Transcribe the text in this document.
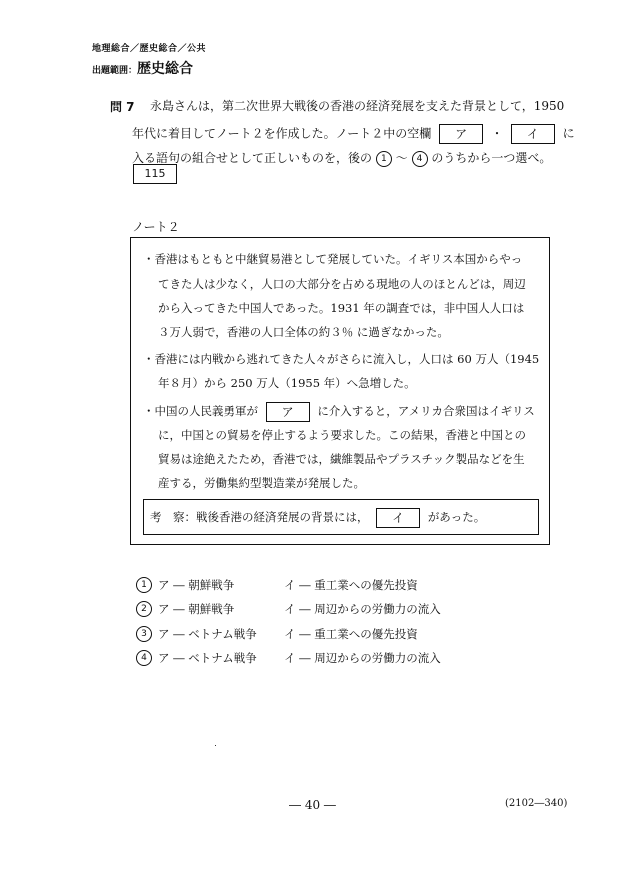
地理総合／歴史総合／公共
出題範囲： 歴史総合
問 7 永島さんは，第二次世界大戦後の香港の経済発展を支えた背景として，1950
年代に着目してノート２を作成した。ノート２中の空欄 ア ・ イ に
入る語句の組合せとして正しいものを，後の 1 ～ 4 のうちから一つ選べ。
115
ノート２
・香港はもともと中継貿易港として発展していた。イギリス本国からやっ
てきた人は少なく，人口の大部分を占める現地の人のほとんどは，周辺
から入ってきた中国人であった。1931 年の調査では，非中国人人口は
３万人弱で，香港の人口全体の約３％ に過ぎなかった。
・香港には内戦から逃れてきた人々がさらに流入し，人口は 60 万人（1945
年８月）から 250 万人（1955 年）へ急増した。
・中国の人民義勇軍が ア に介入すると，アメリカ合衆国はイギリス
に，中国との貿易を停止するよう要求した。この結果，香港と中国との
貿易は途絶えたため，香港では，繊維製品やプラスチック製品などを生
産する，労働集約型製造業が発展した。
考　察：戦後香港の経済発展の背景には， イ があった。
1 ア ― 朝鮮戦争	イ ― 重工業への優先投資
2 ア ― 朝鮮戦争	イ ― 周辺からの労働力の流入
3 ア ― ベトナム戦争	イ ― 重工業への優先投資
4 ア ― ベトナム戦争	イ ― 周辺からの労働力の流入
― 40 ―	(2102―340)
